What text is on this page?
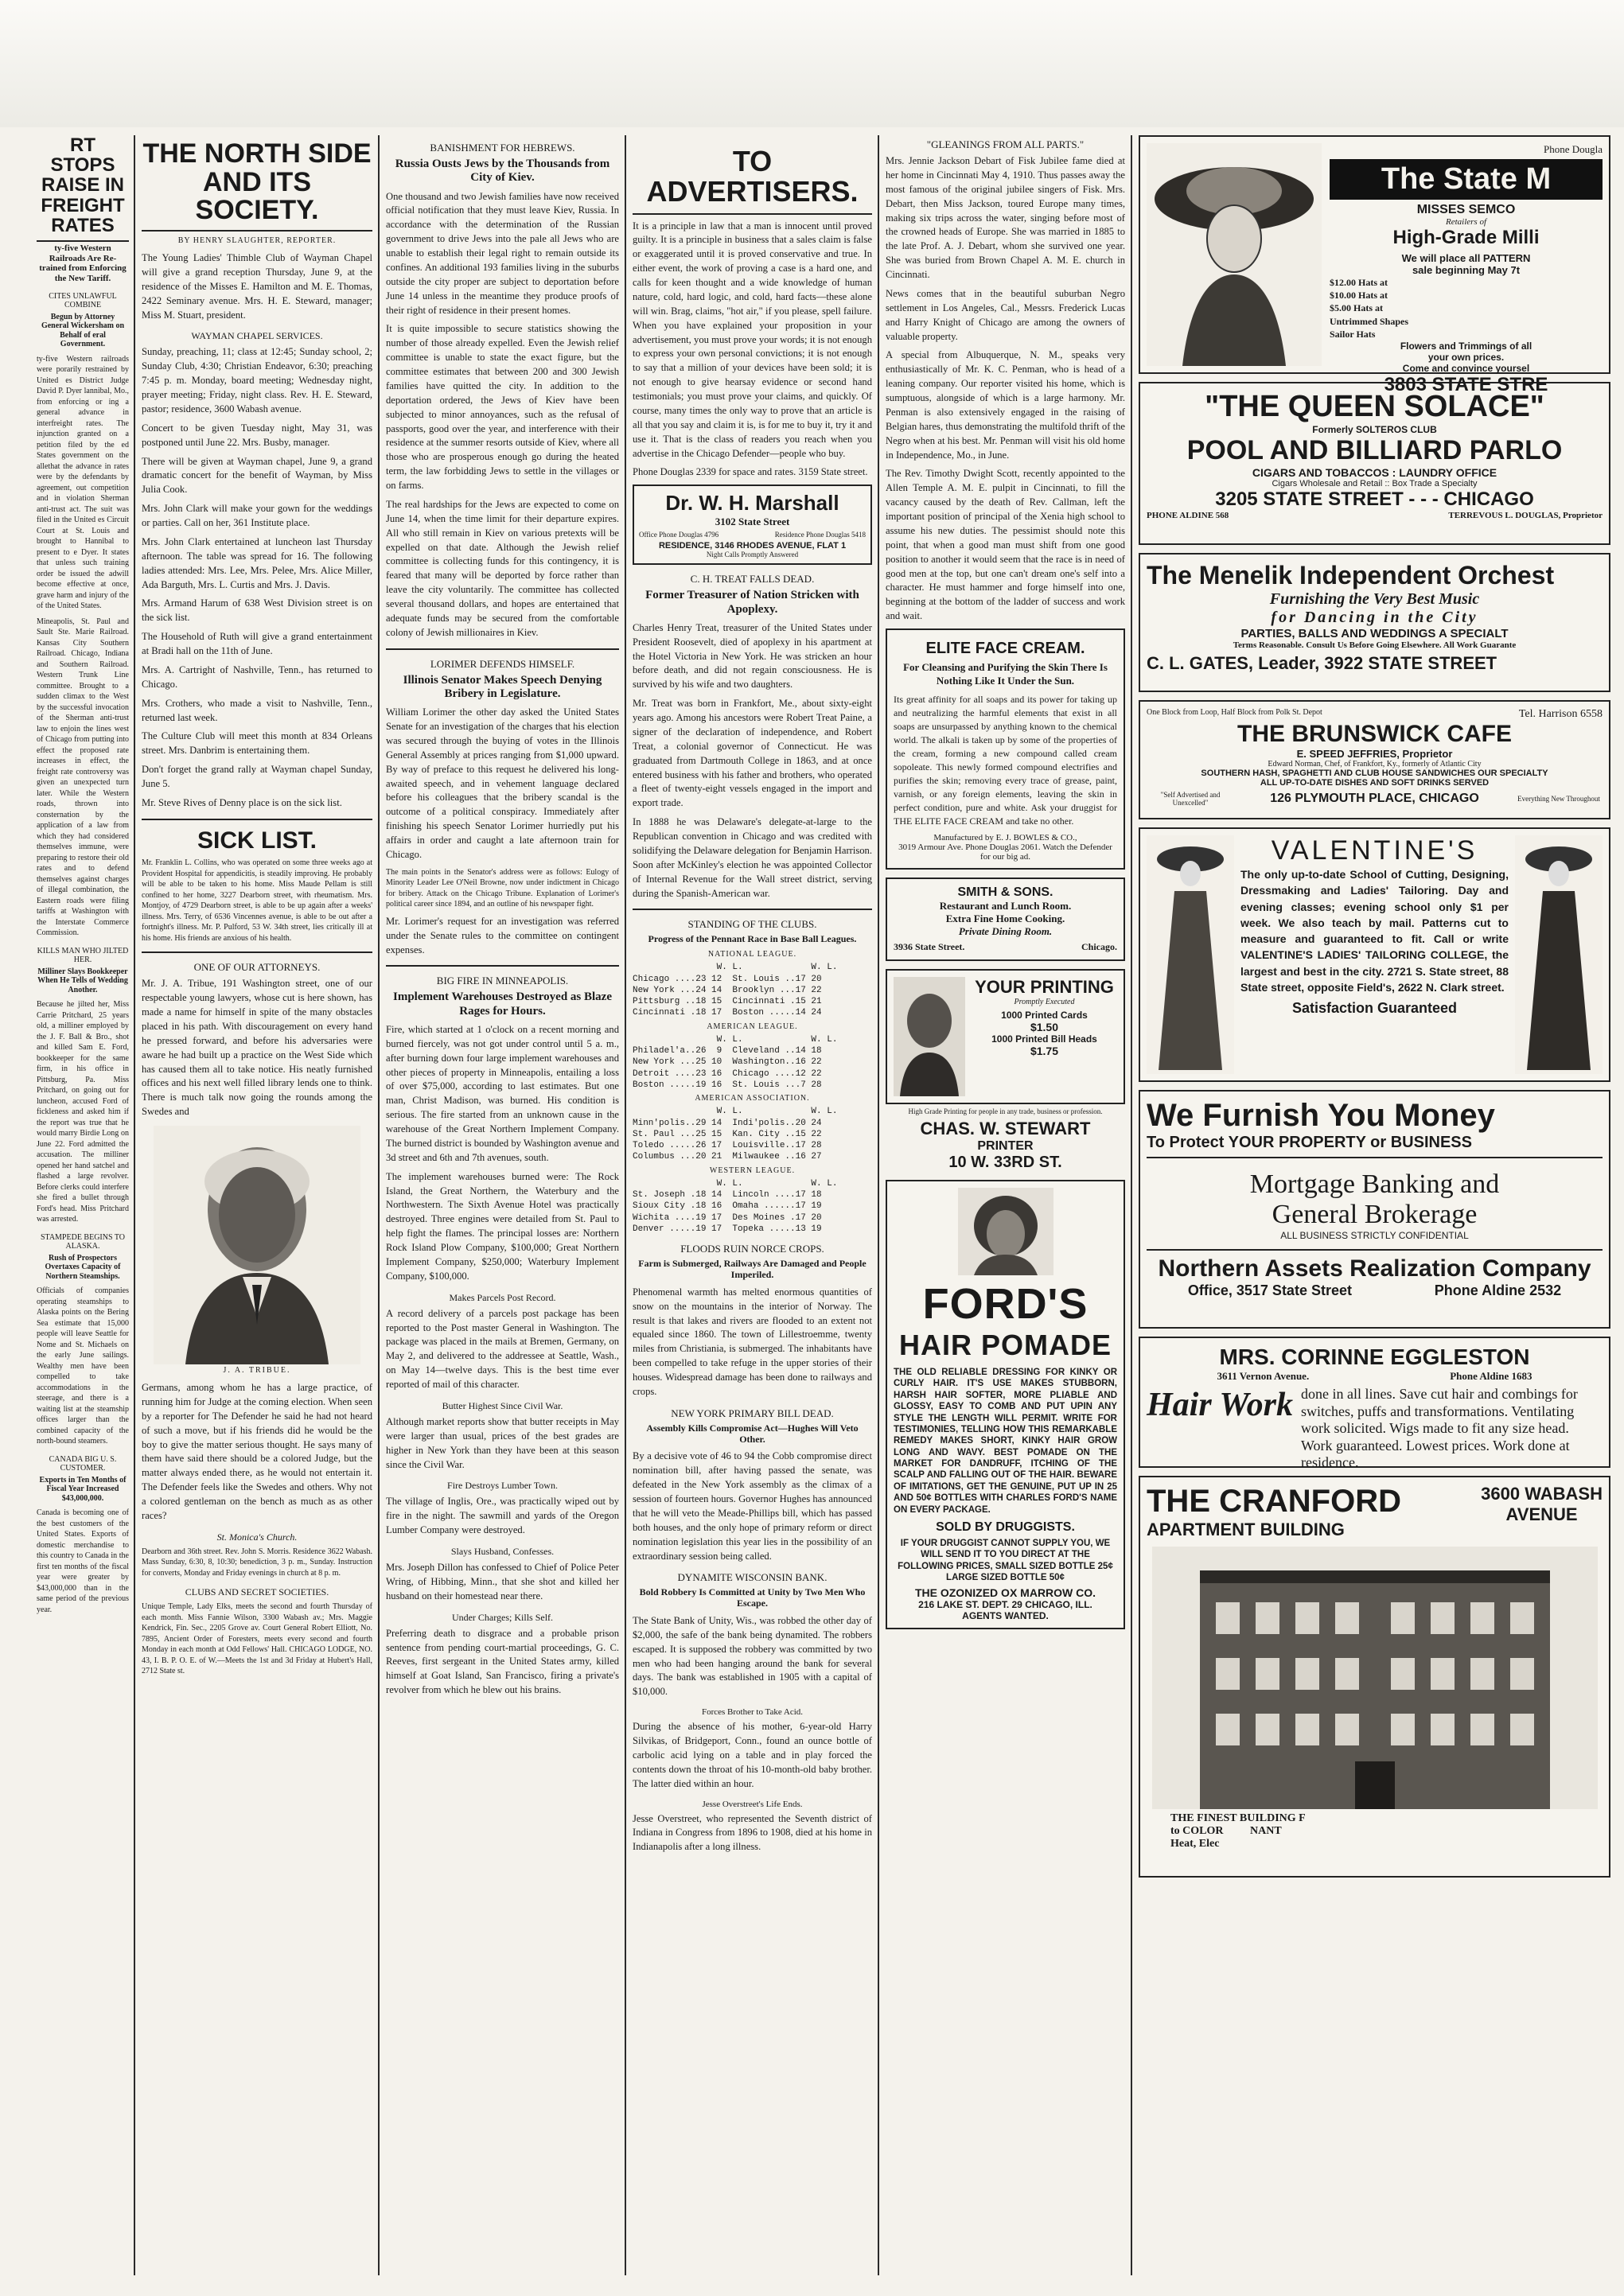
RT STOPS RAISE IN FREIGHT RATES
ty-five Western Railroads Are Re-trained from Enforcing the New Tariff.
CITES UNLAWFUL COMBINE
Begun by Attorney General Wickersham on Behalf of eral Government.

ty-five Western railroads were porarily restrained by United es District Judge David P. Dyer lannibal, Mo., from enforcing or ing a general advance in interfreight rates. The injunction granted on a petition filed by the ed States government on the allethat the advance in rates were by the defendants by agreement, out competition and in violation Sherman anti-trust act. The suit was filed in the United es Circuit Court at St. Louis and brought to Hannibal to present to e Dyer. It states that unless such training order be issued the adwill become effective at once, grave harm and injury of the of the United States.

Mineapolis, St. Paul and Sault Ste. Marie Railroad. Kansas City Southern Railroad. Chicago, Indiana and Southern Railroad. Western Trunk Line committee. Brought to a sudden climax to the West by the successful invocation of the Sherman anti-trust law to enjoin the lines west of Chicago from putting into effect the proposed rate increases in effect, the freight rate controversy was given an unexpected turn later. While the Western roads, thrown into consternation by the application of a law from which they had considered themselves immune, were preparing to restore their old rates and to defend themselves against charges of illegal combination, the Eastern roads were filing tariffs at Washington with the Interstate Commerce Commission.

KILLS MAN WHO JILTED HER.
Milliner Slays Bookkeeper When He Tells of Wedding Another.

Because he jilted her, Miss Carrie Pritchard, 25 years old, a milliner employed by the J. F. Ball & Bro., shot and killed Sam E. Ford, bookkeeper for the same firm, in his office in Pittsburg, Pa. Miss Pritchard, on going out for luncheon, accused Ford of fickleness and asked him if the report was true that he would marry Birdie Long on June 22. Ford admitted the accusation. The milliner opened her hand satchel and flashed a large revolver. Before clerks could interfere she fired a bullet through Ford's head. Miss Pritchard was arrested.

STAMPEDE BEGINS TO ALASKA.
Rush of Prospectors Overtaxes Capacity of Northern Steamships.

Officials of companies operating steamships to Alaska points on the Bering Sea estimate that 15,000 people will leave Seattle for Nome and St. Michaels on the early June sailings. Wealthy men have been compelled to take accommodations in the steerage, and there is a waiting list at the steamship offices larger than the combined capacity of the north-bound steamers.

CANADA BIG U. S. CUSTOMER.
Exports in Ten Months of Fiscal Year Increased $43,000,000.

Canada is becoming one of the best customers of the United States. Exports of domestic merchandise to this country to Canada in the first ten months of the fiscal year were greater by $43,000,000 than in the same period of the previous year.

THE NORTH SIDE AND ITS SOCIETY.
BY HENRY SLAUGHTER, REPORTER.

The Young Ladies' Thimble Club of Wayman Chapel will give a grand reception Thursday, June 9, at the residence of the Misses E. Hamilton and M. E. Thomas, 2422 Seminary avenue. Mrs. H. E. Steward, manager; Miss M. Stuart, president.

WAYMAN CHAPEL SERVICES.

Sunday, preaching, 11; class at 12:45; Sunday school, 2; Sunday Club, 4:30; Christian Endeavor, 6:30; preaching 7:45 p. m. Monday, board meeting; Wednesday night, prayer meeting; Friday, night class. Rev. H. E. Steward, pastor; residence, 3600 Wabash avenue.

Concert to be given Tuesday night, May 31, was postponed until June 22. Mrs. Busby, manager.

There will be given at Wayman chapel, June 9, a grand dramatic concert for the benefit of Wayman, by Miss Julia Cook.

Mrs. John Clark will make your gown for the weddings or parties. Call on her, 361 Institute place.

Mrs. John Clark entertained at luncheon last Thursday afternoon. The table was spread for 16. The following ladies attended: Mrs. Lee, Mrs. Pelee, Mrs. Alice Miller, Ada Barguth, Mrs. L. Curtis and Mrs. J. Davis.

Mrs. Armand Harum of 638 West Division street is on the sick list.

The Household of Ruth will give a grand entertainment at Bradi hall on the 11th of June.

Mrs. A. Cartright of Nashville, Tenn., has returned to Chicago.

Mrs. Crothers, who made a visit to Nashville, Tenn., returned last week.

The Culture Club will meet this month at 834 Orleans street. Mrs. Danbrim is entertaining them.

Don't forget the grand rally at Wayman chapel Sunday, June 5.

Mr. Steve Rives of Denny place is on the sick list.

SICK LIST.

Mr. Franklin L. Collins, who was operated on some three weeks ago at Provident Hospital for appendicitis, is steadily improving. He probably will be able to be taken to his home. Miss Maude Pellam is still confined to her home, 3227 Dearborn street, with rheumatism. Mrs. Montjoy, of 4729 Dearborn street, is able to be up again after a weeks' illness. Mrs. Terry, of 6536 Vincennes avenue, is able to be out after a fortnight's illness. Mr. P. Pulford, 53 W. 34th street, lies critically ill at his home. His friends are anxious of his health.

ONE OF OUR ATTORNEYS.

Mr. J. A. Tribue, 191 Washington street, one of our respectable young lawyers, whose cut is here shown, has made a name for himself in spite of the many obstacles placed in his path. With discouragement on every hand he pressed forward, and before his adversaries were aware he had built up a practice on the West Side which has caused them all to take notice. His neatly furnished offices and his next well filled library lends one to think. There is much talk now going the rounds among the Swedes and

J. A. TRIBUE.

Germans, among whom he has a large practice, of running him for Judge at the coming election. When seen by a reporter for The Defender he said he had not heard of such a move, but if his friends did he would be the boy to give the matter serious thought. He says many of them have said there should be a colored Judge, but the matter always ended there, as he would not entertain it. The Defender feels like the Swedes and others. Why not a colored gentleman on the bench as much as as other races?

St. Monica's Church.

Dearborn and 36th street. Rev. John S. Morris. Residence 3622 Wabash. Mass Sunday, 6:30, 8, 10:30; benediction, 3 p. m., Sunday. Instruction for converts, Monday and Friday evenings in church at 8 p. m.

CLUBS AND SECRET SOCIETIES.

Unique Temple, Lady Elks, meets the second and fourth Thursday of each month. Miss Fannie Wilson, 3300 Wabash av.; Mrs. Maggie Kendrick, Fin. Sec., 2205 Grove av. Court General Robert Elliott, No. 7895, Ancient Order of Foresters, meets every second and fourth Monday in each month at Odd Fellows' Hall. CHICAGO LODGE, NO. 43, I. B. P. O. E. of W.—Meets the 1st and 3d Friday at Hubert's Hall, 2712 State st.

BANISHMENT FOR HEBREWS.
Russia Ousts Jews by the Thousands from City of Kiev.

One thousand and two Jewish families have now received official notification that they must leave Kiev, Russia. In accordance with the determination of the Russian government to drive Jews into the pale all Jews who are unable to establish their legal right to remain outside its confines. An additional 193 families living in the suburbs outside the city proper are subject to deportation before June 14 unless in the meantime they produce proofs of their right of residence in their present homes.

It is quite impossible to secure statistics showing the number of those already expelled. Even the Jewish relief committee is unable to state the exact figure, but the committee estimates that between 200 and 300 Jewish families have quitted the city. In addition to the deportation ordered, the Jews of Kiev have been subjected to minor annoyances, such as the refusal of passports, good over the year, and interference with their residence at the summer resorts outside of Kiev, where all those who are prosperous enough go during the heated term, the law forbidding Jews to settle in the villages or on farms.

The real hardships for the Jews are expected to come on June 14, when the time limit for their departure expires. All who still remain in Kiev on various pretexts will be expelled on that date. Although the Jewish relief committee is collecting funds for this contingency, it is feared that many will be deported by force rather than leave the city voluntarily. The committee has collected several thousand dollars, and hopes are entertained that adequate funds may be secured from the comfortable colony of Jewish millionaires in Kiev.

LORIMER DEFENDS HIMSELF.
Illinois Senator Makes Speech Denying Bribery in Legislature.

William Lorimer the other day asked the United States Senate for an investigation of the charges that his election was secured through the buying of votes in the Illinois General Assembly at prices ranging from $1,000 upward. By way of preface to this request he delivered his long-awaited speech, and in vehement language declared before his colleagues that the bribery scandal is the outcome of a political conspiracy. Immediately after finishing his speech Senator Lorimer hurriedly put his affairs in order and caught a late afternoon train for Chicago.

The main points in the Senator's address were as follows: Eulogy of Minority Leader Lee O'Neil Browne, now under indictment in Chicago for bribery. Attack on the Chicago Tribune. Explanation of Lorimer's political career since 1894, and an outline of his newspaper fight.

Mr. Lorimer's request for an investigation was referred under the Senate rules to the committee on contingent expenses.

BIG FIRE IN MINNEAPOLIS.
Implement Warehouses Destroyed as Blaze Rages for Hours.

Fire, which started at 1 o'clock on a recent morning and burned fiercely, was not got under control until 5 a. m., after burning down four large implement warehouses and other pieces of property in Minneapolis, entailing a loss of over $75,000, according to last estimates. But one man, Christ Madison, was burned. His condition is serious. The fire started from an unknown cause in the warehouse of the Great Northern Implement Company. The burned district is bounded by Washington avenue and 3d street and 6th and 7th avenues, south.

The implement warehouses burned were: The Rock Island, the Great Northern, the Waterbury and the Northwestern. The Sixth Avenue Hotel was practically destroyed. Three engines were detailed from St. Paul to help fight the flames. The principal losses are: Northern Rock Island Plow Company, $100,000; Great Northern Implement Company, $250,000; Waterbury Implement Company, $100,000.

Makes Parcels Post Record.

A record delivery of a parcels post package has been reported to the Post master General in Washington. The package was placed in the mails at Bremen, Germany, on May 2, and delivered to the addressee at Seattle, Wash., on May 14—twelve days. This is the best time ever reported of mail of this character.

Butter Highest Since Civil War.

Although market reports show that butter receipts in May were larger than usual, prices of the best grades are higher in New York than they have been at this season since the Civil War.

Fire Destroys Lumber Town.

The village of Inglis, Ore., was practically wiped out by fire in the night. The sawmill and yards of the Oregon Lumber Company were destroyed.

Slays Husband, Confesses.

Mrs. Joseph Dillon has confessed to Chief of Police Peter Wring, of Hibbing, Minn., that she shot and killed her husband on their homestead near there.

Under Charges; Kills Self.

Preferring death to disgrace and a probable prison sentence from pending court-martial proceedings, G. C. Reeves, first sergeant in the United States army, killed himself at Goat Island, San Francisco, firing a private's revolver from which he blew out his brains.

TO ADVERTISERS.

It is a principle in law that a man is innocent until proved guilty. It is a principle in business that a sales claim is false or exaggerated until it is proved conservative and true. In either event, the work of proving a case is a hard one, and calls for keen thought and a wide knowledge of human nature, cold, hard logic, and cold, hard facts—these alone will win. Brag, claims, "hot air," if you please, spell failure. When you have explained your proposition in your advertisement, you must prove your words; it is not enough to express your own personal convictions; it is not enough to say that a million of your devices have been sold; it is not enough to give hearsay evidence or second hand testimonials; you must prove your claims, and quickly. Of course, many times the only way to prove that an article is all that you say and claim it is, is for me to buy it, try it and use it. That is the class of readers you reach when you advertise in the Chicago Defender—people who buy.

Phone Douglas 2339 for space and rates. 3159 State street.

Dr. W. H. Marshall
3102 State Street
Office Phone Douglas 4796	Residence Phone Douglas 5418
RESIDENCE, 3146 RHODES AVENUE, FLAT 1
Night Calls Promptly Answered
C. H. TREAT FALLS DEAD.
Former Treasurer of Nation Stricken with Apoplexy.

Charles Henry Treat, treasurer of the United States under President Roosevelt, died of apoplexy in his apartment at the Hotel Victoria in New York. He was stricken an hour before death, and did not regain consciousness. He is survived by his wife and two daughters.

Mr. Treat was born in Frankfort, Me., about sixty-eight years ago. Among his ancestors were Robert Treat Paine, a signer of the declaration of independence, and Robert Treat, a colonial governor of Connecticut. He was graduated from Dartmouth College in 1863, and at once entered business with his father and brothers, who operated a fleet of twenty-eight vessels engaged in the import and export trade.

In 1888 he was Delaware's delegate-at-large to the Republican convention in Chicago and was credited with solidifying the Delaware delegation for Benjamin Harrison. Soon after McKinley's election he was appointed Collector of Internal Revenue for the Wall street district, serving during the Spanish-American war.

STANDING OF THE CLUBS.
Progress of the Pennant Race in Base Ball Leagues.
NATIONAL LEAGUE.
W. L.             W. L.
Chicago ....23 12  St. Louis ..17 20
New York ...24 14  Brooklyn ...17 22
Pittsburg ..18 15  Cincinnati .15 21
Cincinnati .18 17  Boston .....14 24
AMERICAN LEAGUE.
W. L.             W. L.
Philadel'a..26  9  Cleveland ..14 18
New York ...25 10  Washington..16 22
Detroit ....23 16  Chicago ....12 22
Boston .....19 16  St. Louis ...7 28
AMERICAN ASSOCIATION.
W. L.             W. L.
Minn'polis..29 14  Indi'polis..20 24
St. Paul ...25 15  Kan. City ..15 22
Toledo .....26 17  Louisville..17 28
Columbus ...20 21  Milwaukee ..16 27
WESTERN LEAGUE.
W. L.             W. L.
St. Joseph .18 14  Lincoln ....17 18
Sioux City .18 16  Omaha ......17 19
Wichita ....19 17  Des Moines .17 20
Denver .....19 17  Topeka .....13 19
FLOODS RUIN NORCE CROPS.
Farm is Submerged, Railways Are Damaged and People Imperiled.

Phenomenal warmth has melted enormous quantities of snow on the mountains in the interior of Norway. The result is that lakes and rivers are flooded to an extent not equaled since 1860. The town of Lillestroemme, twenty miles from Christiania, is submerged. The inhabitants have been compelled to take refuge in the upper stories of their houses. Widespread damage has been done to railways and crops.

NEW YORK PRIMARY BILL DEAD.
Assembly Kills Compromise Act—Hughes Will Veto Other.

By a decisive vote of 46 to 94 the Cobb compromise direct nomination bill, after having passed the senate, was defeated in the New York assembly as the climax of a session of fourteen hours. Governor Hughes has announced that he will veto the Meade-Phillips bill, which has passed both houses, and the only hope of primary reform or direct nomination legislation this year lies in the possibility of an extraordinary session being called.

DYNAMITE WISCONSIN BANK.
Bold Robbery Is Committed at Unity by Two Men Who Escape.

The State Bank of Unity, Wis., was robbed the other day of $2,000, the safe of the bank being dynamited. The robbers escaped. It is supposed the robbery was committed by two men who had been hanging around the bank for several days. The bank was established in 1905 with a capital of $10,000.

Forces Brother to Take Acid.

During the absence of his mother, 6-year-old Harry Silvikas, of Bridgeport, Conn., found an ounce bottle of carbolic acid lying on a table and in play forced the contents down the throat of his 10-month-old baby brother. The latter died within an hour.

Jesse Overstreet's Life Ends.

Jesse Overstreet, who represented the Seventh district of Indiana in Congress from 1896 to 1908, died at his home in Indianapolis after a long illness.

"GLEANINGS FROM ALL PARTS."

Mrs. Jennie Jackson Debart of Fisk Jubilee fame died at her home in Cincinnati May 4, 1910. Thus passes away the most famous of the original jubilee singers of Fisk. Mrs. Debart, then Miss Jackson, toured Europe many times, making six trips across the water, singing before most of the crowned heads of Europe. She was married in 1885 to the late Prof. A. J. Debart, whom she survived one year. She was buried from Brown Chapel A. M. E. church in Cincinnati.

News comes that in the beautiful suburban Negro settlement in Los Angeles, Cal., Messrs. Frederick Lucas and Harry Knight of Chicago are among the owners of valuable property.

A special from Albuquerque, N. M., speaks very enthusiastically of Mr. K. C. Penman, who is head of a leaning company. Our reporter visited his home, which is sumptuous, alongside of which is a large harmony. Mr. Penman is also extensively engaged in the raising of Belgian hares, thus demonstrating the multifold thrift of the Negro when at his best. Mr. Penman will visit his old home in Independence, Mo., in June.

The Rev. Timothy Dwight Scott, recently appointed to the Allen Temple A. M. E. pulpit in Cincinnati, to fill the vacancy caused by the death of Rev. Callman, left the important position of principal of the Xenia high school to assume his new duties. The pessimist should note this point, that when a good man must shift from one good position to another it would seem that the race is in need of good men at the top, but one can't dream one's self into a character. He must hammer and forge himself into one, beginning at the bottom of the ladder of success and work and wait.

ELITE FACE CREAM.
For Cleansing and Purifying the Skin There Is Nothing Like It Under the Sun.

Its great affinity for all soaps and its power for taking up and neutralizing the harmful elements that exist in all soaps are unsurpassed by anything known to the chemical world. The alkali is taken up by some of the properties of the cream, forming a new compound called cream sopoleate. This newly formed compound electrifies and purifies the skin; removing every trace of grease, paint, varnish, or any foreign elements, leaving the skin in perfect condition, pure and white. Ask your druggist for THE ELITE FACE CREAM and take no other.

Manufactured by E. J. BOWLES & CO.,
3019 Armour Ave. Phone Douglas 2061. Watch the Defender for our big ad.
SMITH & SONS.
Restaurant and Lunch Room.
Extra Fine Home Cooking.
Private Dining Room.
3936 State Street.	Chicago.
YOUR PRINTING
Promptly Executed
1000 Printed Cards
$1.50
1000 Printed Bill Heads
$1.75
High Grade Printing for people in any trade, business or profession.
CHAS. W. STEWART
PRINTER
10 W. 33RD ST.
FORD'S
HAIR POMADE
THE OLD RELIABLE DRESSING FOR KINKY OR CURLY HAIR. IT'S USE MAKES STUBBORN, HARSH HAIR SOFTER, MORE PLIABLE AND GLOSSY, EASY TO COMB AND PUT UPIN ANY STYLE THE LENGTH WILL PERMIT. WRITE FOR TESTIMONIES, TELLING HOW THIS REMARKABLE REMEDY MAKES SHORT, KINKY HAIR GROW LONG AND WAVY. BEST POMADE ON THE MARKET FOR DANDRUFF, ITCHING OF THE SCALP AND FALLING OUT OF THE HAIR. BEWARE OF IMITATIONS, GET THE GENUINE, PUT UP IN 25 AND 50¢ BOTTLES WITH CHARLES FORD'S NAME ON EVERY PACKAGE.
SOLD BY DRUGGISTS.
IF YOUR DRUGGIST CANNOT SUPPLY YOU, WE WILL SEND IT TO YOU DIRECT AT THE FOLLOWING PRICES, SMALL SIZED BOTTLE 25¢ LARGE SIZED BOTTLE 50¢
THE OZONIZED OX MARROW CO.
216 LAKE ST. DEPT. 29 CHICAGO, ILL.
AGENTS WANTED.
Phone Dougla
The State M
MISSES SEMCO
Retailers of
High-Grade Milli
We will place all PATTERN
sale beginning May 7t
$12.00 Hats at
$10.00 Hats at
$5.00 Hats at
Untrimmed Shapes
Sailor Hats
Flowers and Trimmings of all
your own prices.
Come and convince yoursel
3803 STATE STRE
"THE QUEEN SOLACE"
Formerly SOLTEROS CLUB
POOL AND BILLIARD PARLO
CIGARS AND TOBACCOS : LAUNDRY OFFICE
Cigars Wholesale and Retail :: Box Trade a Specialty
3205 STATE STREET - - - CHICAGO
PHONE ALDINE 568	TERREVOUS L. DOUGLAS, Proprietor
The Menelik Independent Orchest
Furnishing the Very Best Music
for Dancing in the City
PARTIES, BALLS AND WEDDINGS A SPECIALT
Terms Reasonable. Consult Us Before Going Elsewhere. All Work Guarante
C. L. GATES, Leader, 3922 STATE STREET
One Block from Loop, Half Block from Polk St. Depot	Tel. Harrison 6558
THE BRUNSWICK CAFE
E. SPEED JEFFRIES, Proprietor
Edward Norman, Chef, of Frankfort, Ky., formerly of Atlantic City
SOUTHERN HASH, SPAGHETTI AND CLUB HOUSE SANDWICHES OUR SPECIALTY
ALL UP-TO-DATE DISHES AND SOFT DRINKS SERVED
"Self Advertised and Unexcelled"	126 PLYMOUTH PLACE, CHICAGO	Everything New Throughout
VALENTINE'S
The only up-to-date School of Cutting, Designing, Dressmaking and Ladies' Tailoring. Day and evening classes; evening school only $1 per week. We also teach by mail. Patterns cut to measure and guaranteed to fit. Call or write VALENTINE'S LADIES' TAILORING COLLEGE, the largest and best in the city. 2721 S. State street, 88 State street, opposite Field's, 2622 N. Clark street.
Satisfaction Guaranteed
We Furnish You Money
To Protect YOUR PROPERTY or BUSINESS
Mortgage Banking and
General Brokerage
ALL BUSINESS STRICTLY CONFIDENTIAL
Northern Assets Realization Company
Office, 3517 State Street	Phone Aldine 2532
MRS. CORINNE EGGLESTON
3611 Vernon Avenue.	Phone Aldine 1683
Hair Work done in all lines. Save cut hair and combings for switches, puffs and transformations. Ventilating work solicited. Wigs made to fit any size head. Work guaranteed. Lowest prices. Work done at residence.
THE CRANFORD
APARTMENT BUILDING
3600 WABASH
AVENUE
THE FINEST BUILDING F
to COLOR NANT
Heat, Elec
